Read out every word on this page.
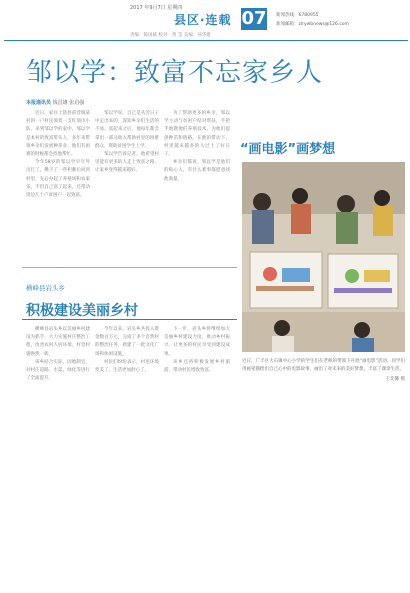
2017 年9月7日 星期四
县区·连载 07
责编：陈国斌 校对：黄 莹 美编：孙华建
新闻热线：6780955
新闻邮箱：zlrywbnews@126.com
邹以学：致富不忘家乡人
本报通讯员 钱昌雄 张启强

近日，家住上饶县前营镇某村的一户村民领着一支红领巾小队，来到邹以学的家中。邹以学是本村的致富带头人，多年来带领乡亲们发展种养业，他们有困难的时候都会找他帮忙。

今年58岁的邹以学早年外出打工，攒下了一些积蓄后回到村里，先后办起了养殖场和农家乐，不但自己富了起来，还带动周边几十户贫困户一起致富。

邹以学说，自己是从苦日子中走出来的，深知乡亲们生活的不易。富起来之后，他每年都会拿出一部分收入帮助村里的困难群众，资助贫困学生上学。

邹以学告诉记者，他希望村里能有更多的人走上致富之路，让家乡变得越来越好。

为了帮助更多的乡亲，邹以学主动与贫困户结对帮扶，手把手地教他们养殖技术，为他们提供种苗和销路。在他的带动下，村里越来越多的人过上了好日子。

乡亲们都说，邹以学是他们的贴心人，有什么难事都愿意找他商量。

“画电影”画梦想
近日，广丰区大石镇中心小学的学生们在老师的带领下开展“画电影”活动，同学们用画笔描绘出自己心中的电影故事，画出了对未来的美好梦想，丰富了课余生活。
王奕馨 摄
横峰县岩头乡
积极建设美丽乡村

横峰县岩头乡以美丽乡村建设为抓手，大力实施村庄整治工程，改善农村人居环境，村容村貌焕然一新。

该乡结合实际，因地制宜，对村庄道路、水渠、绿化等进行了全面提升。

今年以来，岩头乡共投入资金数百万元，完成了多个自然村的整治任务，新建了一批文化广场和休闲设施。

村民们纷纷表示，村里环境变美了，生活更加舒心了。

下一步，岩头乡将继续加大美丽乡村建设力度，推动乡村振兴，让更多的村民享受到建设成果。

该乡还将积极发展乡村旅游，带动村民增收致富。
